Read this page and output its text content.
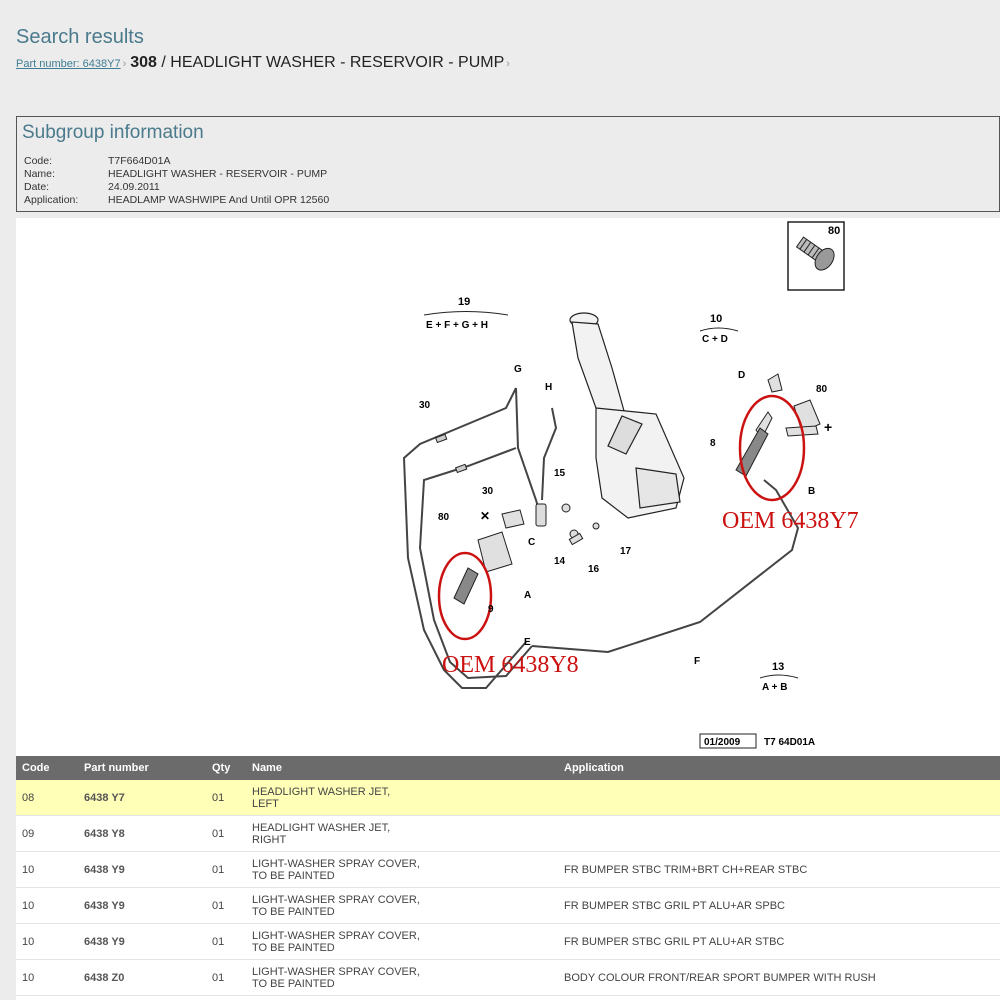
Search results
Part number: 6438Y7 › 308 / HEADLIGHT WASHER - RESERVOIR - PUMP ›
Subgroup information
Code:	T7F664D01A
Name:	HEADLIGHT WASHER - RESERVOIR - PUMP
Date:	24.09.2011
Application:	HEADLAMP WASHWIPE And Until OPR 12560
80
19
E + F + G + H
10
C + D
13
A + B
+
✕
30
30
G
H
15
C
14
16
17
80
A
9
E
F
D
80
8
B
OEM 6438Y7
OEM 6438Y8
01/2009 T7 64D01A
Code	Part number	Qty	Name	Application
08	6438 Y7	01	HEADLIGHT WASHER JET,
LEFT
09	6438 Y8	01	HEADLIGHT WASHER JET,
RIGHT
10	6438 Y9	01	LIGHT-WASHER SPRAY COVER,
TO BE PAINTED	FR BUMPER STBC TRIM+BRT CH+REAR STBC
10	6438 Y9	01	LIGHT-WASHER SPRAY COVER,
TO BE PAINTED	FR BUMPER STBC GRIL PT ALU+AR SPBC
10	6438 Y9	01	LIGHT-WASHER SPRAY COVER,
TO BE PAINTED	FR BUMPER STBC GRIL PT ALU+AR STBC
10	6438 Z0	01	LIGHT-WASHER SPRAY COVER,
TO BE PAINTED	BODY COLOUR FRONT/REAR SPORT BUMPER WITH RUSH
